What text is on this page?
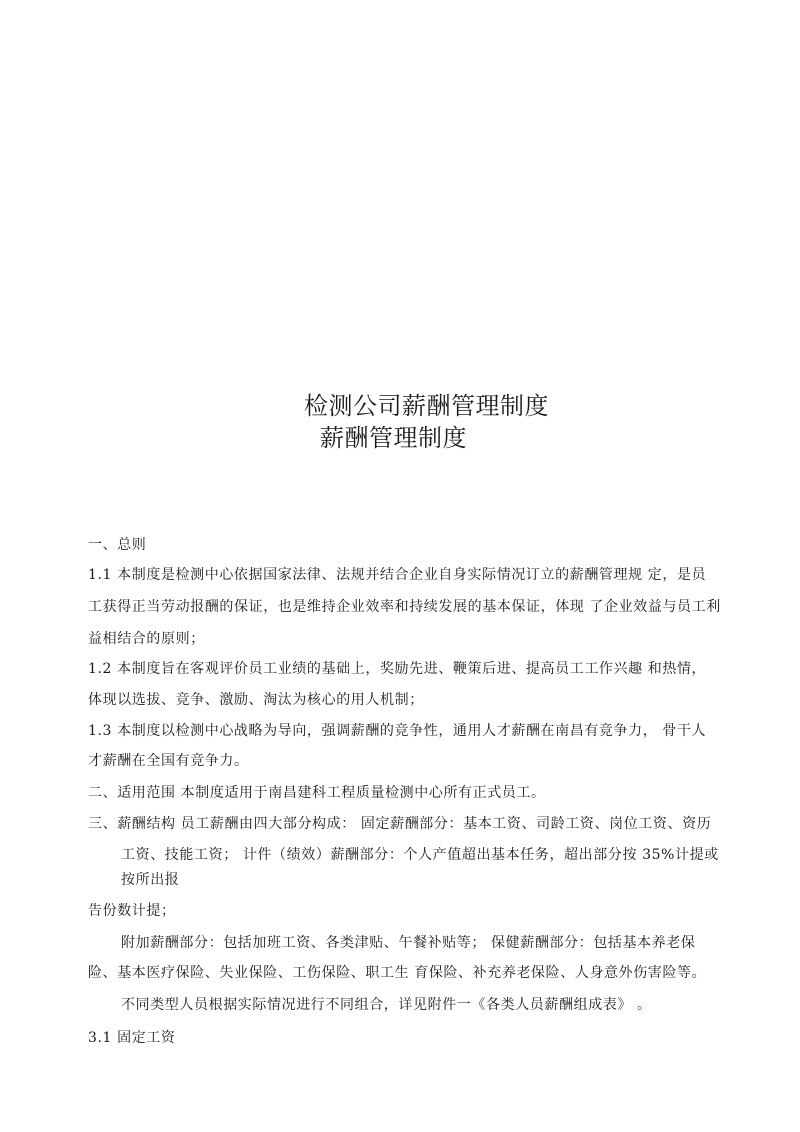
检测公司薪酬管理制度
薪酬管理制度
一、总则
1.1 本制度是检测中心依据国家法律、法规并结合企业自身实际情况订立的薪酬管理规 定，是员
工获得正当劳动报酬的保证，也是维持企业效率和持续发展的基本保证，体现 了企业效益与员工利
益相结合的原则；
1.2 本制度旨在客观评价员工业绩的基础上，奖励先进、鞭策后进、提高员工工作兴趣 和热情，
体现以选拔、竞争、激励、淘汰为核心的用人机制；
1.3 本制度以检测中心战略为导向，强调薪酬的竞争性，通用人才薪酬在南昌有竞争力， 骨干人
才薪酬在全国有竞争力。
二、适用范围 本制度适用于南昌建科工程质量检测中心所有正式员工。
三、薪酬结构 员工薪酬由四大部分构成： 固定薪酬部分：基本工资、司龄工资、岗位工资、资历
工资、技能工资； 计件（绩效）薪酬部分：个人产值超出基本任务，超出部分按 35%计提或
按所出报
告份数计提；
附加薪酬部分：包括加班工资、各类津贴、午餐补贴等； 保健薪酬部分：包括基本养老保
险、基本医疗保险、失业保险、工伤保险、职工生 育保险、补充养老保险、人身意外伤害险等。
不同类型人员根据实际情况进行不同组合，详见附件一《各类人员薪酬组成表》 。
3.1 固定工资
